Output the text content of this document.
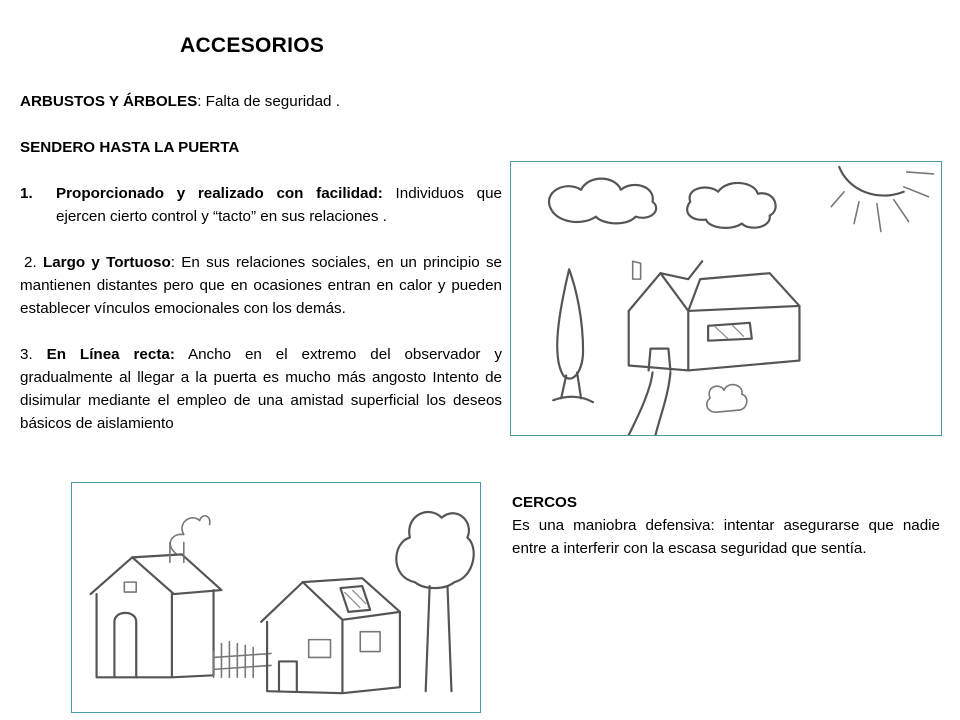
ACCESORIOS

ARBUSTOS Y ÁRBOLES: Falta de seguridad .

SENDERO HASTA LA PUERTA

1.	Proporcionado y realizado con facilidad: Individuos que ejercen cierto control y “tacto” en sus relaciones .

2. Largo y Tortuoso: En sus relaciones sociales, en un principio se mantienen distantes pero que en ocasiones entran en calor y pueden establecer vínculos emocionales con los demás.

3. En Línea recta: Ancho en el extremo del observador y gradualmente al llegar a la puerta es mucho más angosto Intento de disimular mediante el empleo de una amistad superficial los deseos básicos de aislamiento

CERCOS

Es una maniobra defensiva: intentar asegurarse que nadie entre a interferir con la escasa seguridad que sentía.
